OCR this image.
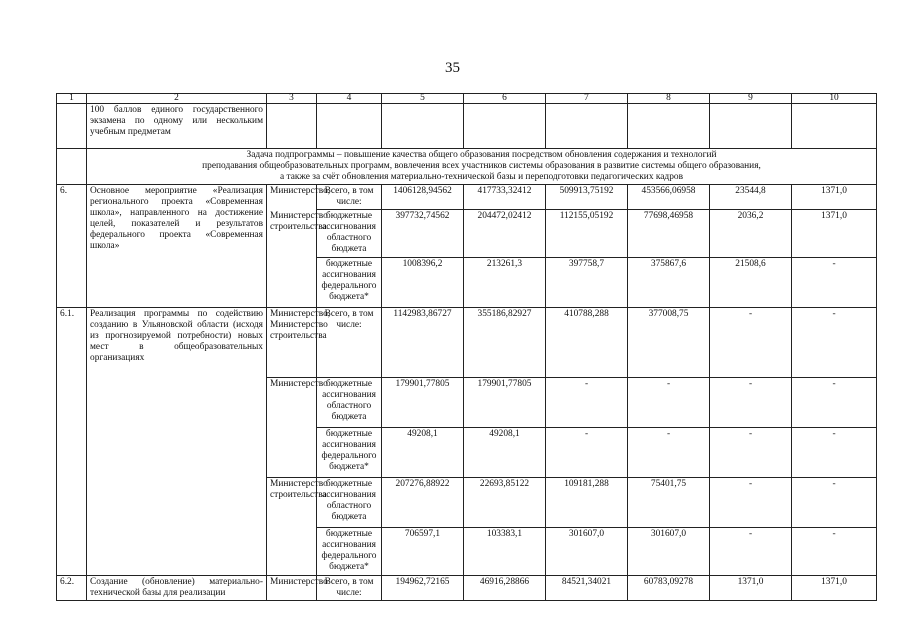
35
1	2	3	4	5	6	7	8	9	10
	100 баллов единого государственного экзамена по одному или нескольким учебным предметам								

	Задача подпрограммы – повышение качества общего образования посредством обновления содержания и технологий
преподавания общеобразовательных программ, вовлечения всех участников системы образования в развитие системы общего образования,
а также за счёт обновления материально-технической базы и переподготовки педагогических кадров								

6.	Основное мероприятие «Реализация регионального проекта «Современная школа», направленного на достижение целей, показателей и результатов федерального проекта «Современная школа»	Министерство,	Всего, в том числе:	1406128,94562	417733,32412	509913,75192	453566,06958	23544,8	1371,0
		Министерство строительства	бюджетные ассигнования областного бюджета	397732,74562	204472,02412	112155,05192	77698,46958	2036,2	1371,0
			бюджетные ассигнования федерального бюджета*	1008396,2	213261,3	397758,7	375867,6	21508,6	-
6.1.	Реализация программы по содействию созданию в Ульяновской области (исходя из прогнозируемой потребности) новых мест в общеобразовательных организациях	Министерство, Министерство строительства	Всего, в том числе:	1142983,86727	355186,82927	410788,288	377008,75	-	-
		Министерство	бюджетные ассигнования областного бюджета	179901,77805	179901,77805	-	-	-	-
			бюджетные ассигнования федерального бюджета*	49208,1	49208,1	-	-	-	-
		Министерство строительства	бюджетные ассигнования областного бюджета	207276,88922	22693,85122	109181,288	75401,75	-	-
			бюджетные ассигнования федерального бюджета*	706597,1	103383,1	301607,0	301607,0	-	-
6.2.	Создание (обновление) материально-технической базы для реализации	Министерство	Всего, в том числе:	194962,72165	46916,28866	84521,34021	60783,09278	1371,0	1371,0
